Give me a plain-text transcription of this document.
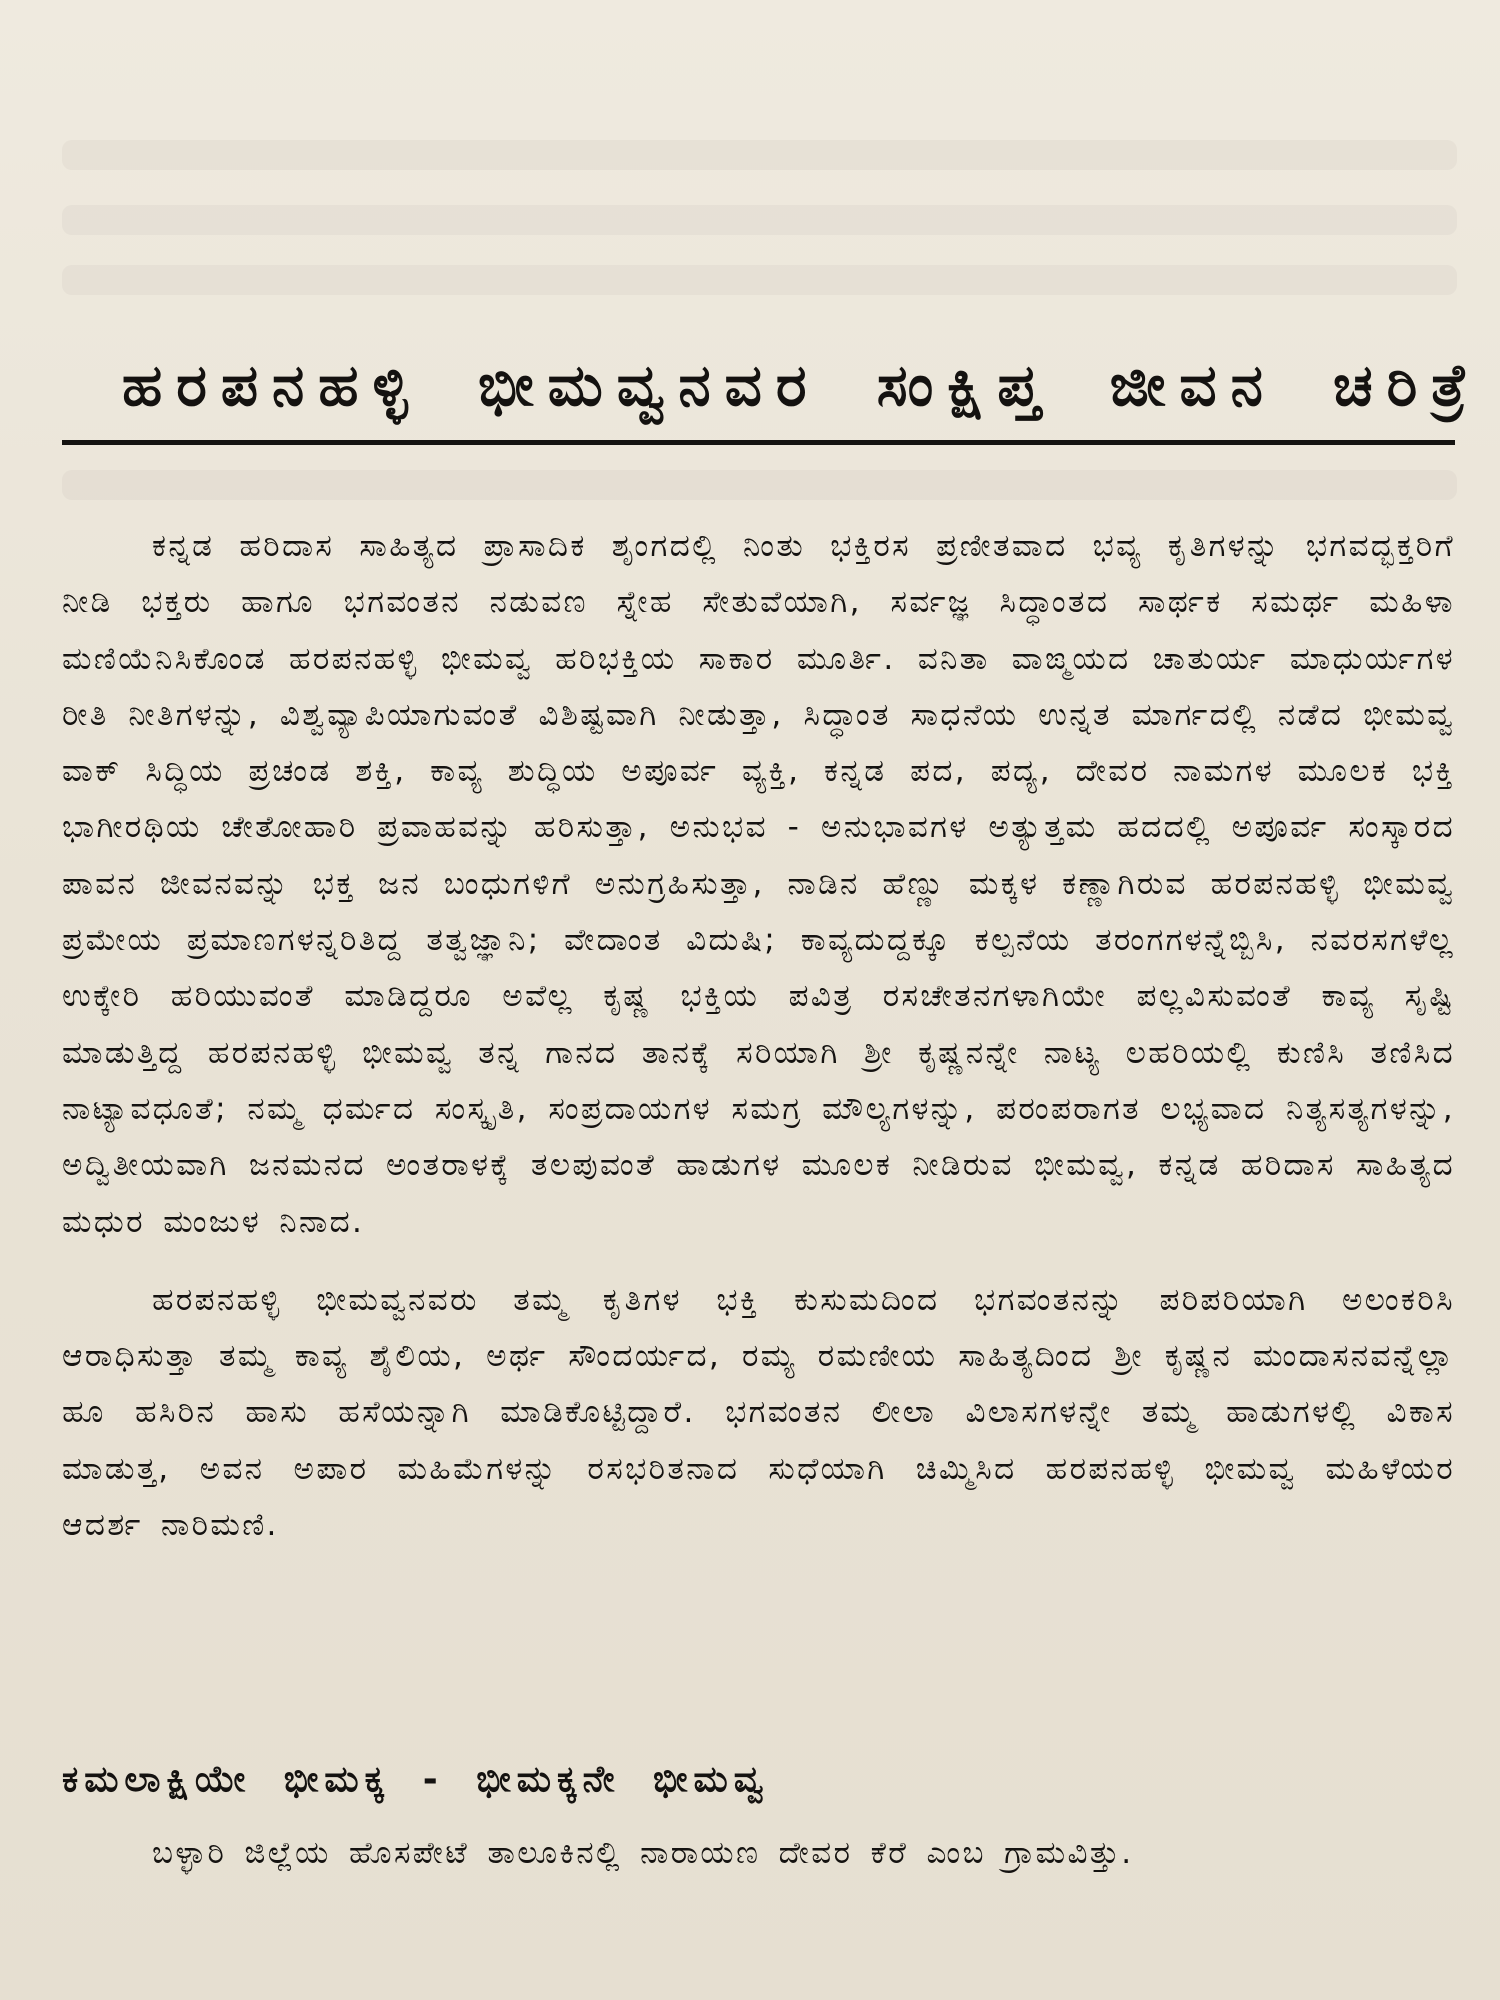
ಹರಪನಹಳ್ಳಿ ಭೀಮವ್ವನವರ ಸಂಕ್ಷಿಪ್ತ ಜೀವನ ಚರಿತ್ರೆ

ಕನ್ನಡ ಹರಿದಾಸ ಸಾಹಿತ್ಯದ ಪ್ರಾಸಾದಿಕ ಶೃಂಗದಲ್ಲಿ ನಿಂತು ಭಕ್ತಿರಸ ಪ್ರಣೀತವಾದ ಭವ್ಯ ಕೃತಿಗಳನ್ನು ಭಗವದ್ಭಕ್ತರಿಗೆ ನೀಡಿ ಭಕ್ತರು ಹಾಗೂ ಭಗವಂತನ ನಡುವಣ ಸ್ನೇಹ ಸೇತುವೆಯಾಗಿ, ಸರ್ವಜ್ಞ ಸಿದ್ಧಾಂತದ ಸಾರ್ಥಕ ಸಮರ್ಥ ಮಹಿಳಾ ಮಣಿಯೆನಿಸಿಕೊಂಡ ಹರಪನಹಳ್ಳಿ ಭೀಮವ್ವ ಹರಿಭಕ್ತಿಯ ಸಾಕಾರ ಮೂರ್ತಿ. ವನಿತಾ ವಾಙ್ಮಯದ ಚಾತುರ್ಯ ಮಾಧುರ್ಯಗಳ ರೀತಿ ನೀತಿಗಳನ್ನು, ವಿಶ್ವವ್ಯಾಪಿಯಾಗುವಂತೆ ವಿಶಿಷ್ಟವಾಗಿ ನೀಡುತ್ತಾ, ಸಿದ್ಧಾಂತ ಸಾಧನೆಯ ಉನ್ನತ ಮಾರ್ಗದಲ್ಲಿ ನಡೆದ ಭೀಮವ್ವ ವಾಕ್ ಸಿದ್ಧಿಯ ಪ್ರಚಂಡ ಶಕ್ತಿ, ಕಾವ್ಯ ಶುದ್ಧಿಯ ಅಪೂರ್ವ ವ್ಯಕ್ತಿ, ಕನ್ನಡ ಪದ, ಪದ್ಯ, ದೇವರ ನಾಮಗಳ ಮೂಲಕ ಭಕ್ತಿ ಭಾಗೀರಥಿಯ ಚೇತೋಹಾರಿ ಪ್ರವಾಹವನ್ನು ಹರಿಸುತ್ತಾ, ಅನುಭವ - ಅನುಭಾವಗಳ ಅತ್ಯುತ್ತಮ ಹದದಲ್ಲಿ ಅಪೂರ್ವ ಸಂಸ್ಕಾರದ ಪಾವನ ಜೀವನವನ್ನು ಭಕ್ತ ಜನ ಬಂಧುಗಳಿಗೆ ಅನುಗ್ರಹಿಸುತ್ತಾ, ನಾಡಿನ ಹೆಣ್ಣು ಮಕ್ಕಳ ಕಣ್ಣಾಗಿರುವ ಹರಪನಹಳ್ಳಿ ಭೀಮವ್ವ ಪ್ರಮೇಯ ಪ್ರಮಾಣಗಳನ್ನರಿತಿದ್ದ ತತ್ವಜ್ಞಾನಿ; ವೇದಾಂತ ವಿದುಷಿ; ಕಾವ್ಯದುದ್ದಕ್ಕೂ ಕಲ್ಪನೆಯ ತರಂಗಗಳನ್ನೆಬ್ಬಿಸಿ, ನವರಸಗಳೆಲ್ಲ ಉಕ್ಕೇರಿ ಹರಿಯುವಂತೆ ಮಾಡಿದ್ದರೂ ಅವೆಲ್ಲ ಕೃಷ್ಣ ಭಕ್ತಿಯ ಪವಿತ್ರ ರಸಚೇತನಗಳಾಗಿಯೇ ಪಲ್ಲವಿಸುವಂತೆ ಕಾವ್ಯ ಸೃಷ್ಟಿ ಮಾಡುತ್ತಿದ್ದ ಹರಪನಹಳ್ಳಿ ಭೀಮವ್ವ ತನ್ನ ಗಾನದ ತಾನಕ್ಕೆ ಸರಿಯಾಗಿ ಶ್ರೀ ಕೃಷ್ಣನನ್ನೇ ನಾಟ್ಯ ಲಹರಿಯಲ್ಲಿ ಕುಣಿಸಿ ತಣಿಸಿದ ನಾಟ್ಯಾವಧೂತೆ; ನಮ್ಮ ಧರ್ಮದ ಸಂಸ್ಕೃತಿ, ಸಂಪ್ರದಾಯಗಳ ಸಮಗ್ರ ಮೌಲ್ಯಗಳನ್ನು, ಪರಂಪರಾಗತ ಲಭ್ಯವಾದ ನಿತ್ಯಸತ್ಯಗಳನ್ನು, ಅದ್ವಿತೀಯವಾಗಿ ಜನಮನದ ಅಂತರಾಳಕ್ಕೆ ತಲಪುವಂತೆ ಹಾಡುಗಳ ಮೂಲಕ ನೀಡಿರುವ ಭೀಮವ್ವ, ಕನ್ನಡ ಹರಿದಾಸ ಸಾಹಿತ್ಯದ ಮಧುರ ಮಂಜುಳ ನಿನಾದ.

ಹರಪನಹಳ್ಳಿ ಭೀಮವ್ವನವರು ತಮ್ಮ ಕೃತಿಗಳ ಭಕ್ತಿ ಕುಸುಮದಿಂದ ಭಗವಂತನನ್ನು ಪರಿಪರಿಯಾಗಿ ಅಲಂಕರಿಸಿ ಆರಾಧಿಸುತ್ತಾ ತಮ್ಮ ಕಾವ್ಯ ಶೈಲಿಯ, ಅರ್ಥ ಸೌಂದರ್ಯದ, ರಮ್ಯ ರಮಣೀಯ ಸಾಹಿತ್ಯದಿಂದ ಶ್ರೀ ಕೃಷ್ಣನ ಮಂದಾಸನವನ್ನೆಲ್ಲಾ ಹೂ ಹಸಿರಿನ ಹಾಸು ಹಸೆಯನ್ನಾಗಿ ಮಾಡಿಕೊಟ್ಟಿದ್ದಾರೆ. ಭಗವಂತನ ಲೀಲಾ ವಿಲಾಸಗಳನ್ನೇ ತಮ್ಮ ಹಾಡುಗಳಲ್ಲಿ ವಿಕಾಸ ಮಾಡುತ್ತ, ಅವನ ಅಪಾರ ಮಹಿಮೆಗಳನ್ನು ರಸಭರಿತನಾದ ಸುಧೆಯಾಗಿ ಚಿಮ್ಮಿಸಿದ ಹರಪನಹಳ್ಳಿ ಭೀಮವ್ವ ಮಹಿಳೆಯರ ಆದರ್ಶ ನಾರಿಮಣಿ.

ಕಮಲಾಕ್ಷಿಯೇ ಭೀಮಕ್ಕ - ಭೀಮಕ್ಕನೇ ಭೀಮವ್ವ

ಬಳ್ಳಾರಿ ಜಿಲ್ಲೆಯ ಹೊಸಪೇಟೆ ತಾಲೂಕಿನಲ್ಲಿ ನಾರಾಯಣ ದೇವರ ಕೆರೆ ಎಂಬ ಗ್ರಾಮವಿತ್ತು.
